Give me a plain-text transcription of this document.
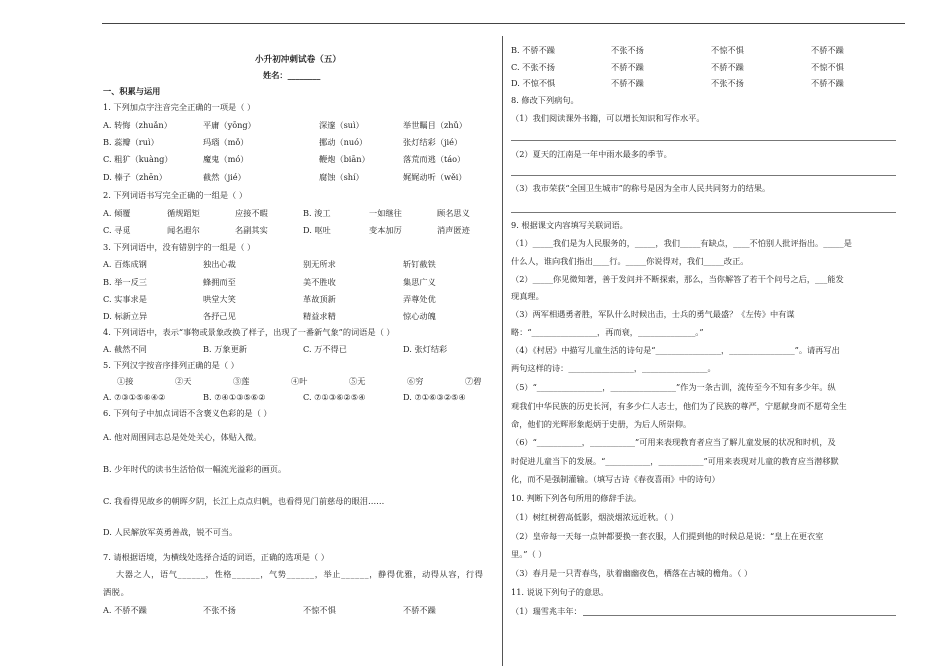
小升初冲刺试卷（五）
姓名：________
一、积累与运用
1. 下列加点字注音完全正确的一项是（ ）
A. 转悔（zhuǎn）	平庸（yōng）	深邃（suì）	举世瞩目（zhǔ）
B. 蕊瓣（ruì）	玛瑙（mǒ）	挪动（nuó）	张灯结彩（jié）
C. 粗犷（kuàng）	魔鬼（mó）	鞭炮（biān）	落荒而逃（táo）
D. 榛子（zhēn）	截然（jié）	腐蚀（shí）	娓娓动听（wěi）
2. 下列词语书写完全正确的一组是（ ）
A. 倾覆	循规蹈矩	应接不暇	B. 浚工	一如继往	顾名思义
C. 寻觅	闻名遐尔	名副其实	D. 呕吐	变本加厉	消声匿迹
3. 下列词语中，没有错别字的一组是（ ）
A. 百炼成钢	独出心裁	别无所求	斩钉截铁
B. 举一反三	蜂拥而至	美不胜收	集思广义
C. 实事求是	哄堂大笑	革故顶新	弄尊处优
D. 标新立异	各抒己见	精益求精	惊心动魄
4. 下列词语中，表示“事物或景象改换了样子，出现了一番新气象”的词语是（ ）
A. 截然不同	B. 万象更新	C. 万不得已	D. 张灯结彩
5. 下列汉字按音序排列正确的是（ ）
①接	②天	③莲	④叶	⑤无	⑥穷	⑦碧
A. ⑦③①⑤⑥④②	B. ⑦④①③⑤⑥②	C. ⑦①③⑥②⑤④	D. ⑦①⑥③②⑤④
6. 下列句子中加点词语不含褒义色彩的是（ ）
A. 他对周围同志总是处处关心，体贴入微。
B. 少年时代的读书生活恰似一幅流光溢彩的画页。
C. 我看得见故乡的朝晖夕阴，长江上点点归帆，也看得见门前慈母的眼泪……
D. 人民解放军英勇善战，锐不可当。
7. 请根据语境，为横线处选择合适的词语，正确的选项是（ ）
大器之人，语气______，性格______，气势______，举止______，静得优雅，动得从容，行得
洒脱。
A. 不骄不躁	不张不扬	不惊不惧	不骄不躁
B. 不骄不躁	不张不扬	不惊不惧	不骄不躁
C. 不张不扬	不骄不躁	不骄不躁	不惊不惧
D. 不惊不惧	不骄不躁	不张不扬	不骄不躁
8. 修改下列病句。
（1）我们阅读课外书籍，可以增长知识和写作水平。
（2）夏天的江南是一年中雨水最多的季节。
（3）我市荣获“全国卫生城市”的称号是因为全市人民共同努力的结果。
9. 根据课文内容填写关联词语。
（1）_____我们是为人民服务的，_____，我们_____有缺点，____不怕别人批评指出。_____是
什么人，谁向我们指出____行。_____你说得对，我们_____改正。
（2）_____你见微知著，善于发问并不断探索，那么，当你解答了若干个问号之后，___能发
现真理。
（3）两军相遇勇者胜，军队什么时候出击，士兵的勇气最盛？《左传》中有谋
略：“________________，再而衰，______________。”
（4）《村居》中描写儿童生活的诗句是“________________，________________”。请再写出
两句这样的诗：________________，________________。
（5）“________________，________________”作为一条古训，流传至今不知有多少年。纵
观我们中华民族的历史长河，有多少仁人志士，他们为了民族的尊严，宁愿献身而不愿苟全生
命，他们的光辉形象彪炳于史册，为后人所崇仰。
（6）“___________，___________”可用来表现教育者应当了解儿童发展的状况和时机，及
时促进儿童当下的发展。“___________，___________”可用来表现对儿童的教育应当潜移默
化，而不是强制灌输。（填写古诗《春夜喜雨》中的诗句）
10. 判断下列各句所用的修辞手法。
（1）树红树碧高低影，烟淡烟浓远近秋。（ ）
（2）皇帝每一天每一点钟都要换一套衣服，人们提到他的时候总是说：“皇上在更衣室
里。”（ ）
（3）春月是一只青春鸟，驮着幽幽夜色，栖落在古城的檐角。（ ）
11. 说说下列句子的意思。
（1）瑞雪兆丰年：
